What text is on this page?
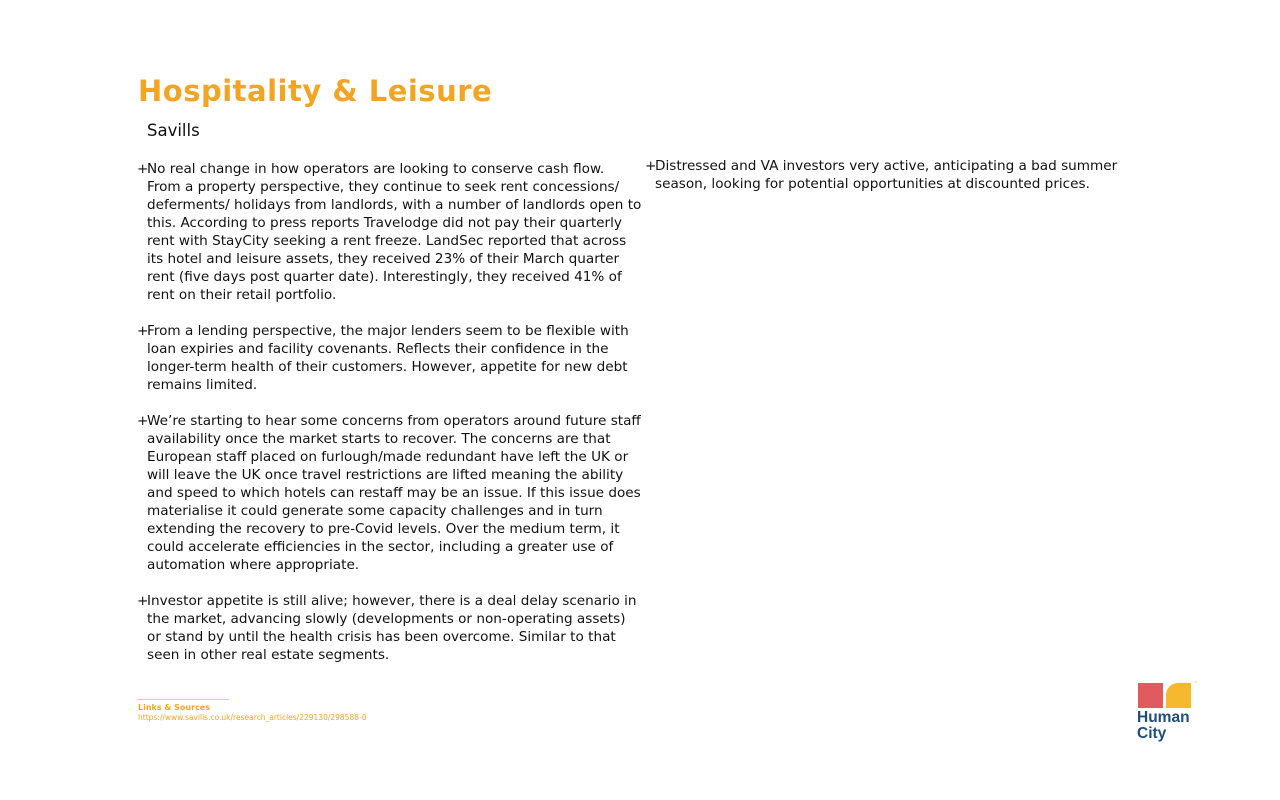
Hospitality & Leisure
Savills
+
No real change in how operators are looking to conserve cash flow. From a property perspective, they continue to seek rent concessions/ deferments/ holidays from landlords, with a number of landlords open to this. According to press reports Travelodge did not pay their quarterly rent with StayCity seeking a rent freeze. LandSec reported that across its hotel and leisure assets, they received 23% of their March quarter rent (five days post quarter date). Interestingly, they received 41% of rent on their retail portfolio.
+
From a lending perspective, the major lenders seem to be flexible with loan expiries and facility covenants. Reflects their confidence in the longer-term health of their customers. However, appetite for new debt remains limited.
+
We’re starting to hear some concerns from operators around future staff availability once the market starts to recover. The concerns are that European staff placed on furlough/made redundant have left the UK or will leave the UK once travel restrictions are lifted meaning the ability and speed to which hotels can restaff may be an issue. If this issue does materialise it could generate some capacity challenges and in turn extending the recovery to pre-Covid levels. Over the medium term, it could accelerate efficiencies in the sector, including a greater use of automation where appropriate.
+
Investor appetite is still alive; however, there is a deal delay scenario in the market, advancing slowly (developments or non-operating assets) or stand by until the health crisis has been overcome. Similar to that seen in other real estate segments.
+
Distressed and VA investors very active, anticipating a bad summer season, looking for potential opportunities at discounted prices.
Links & Sources
https://www.savills.co.uk/research_articles/229130/298588-0
™
Human
City
